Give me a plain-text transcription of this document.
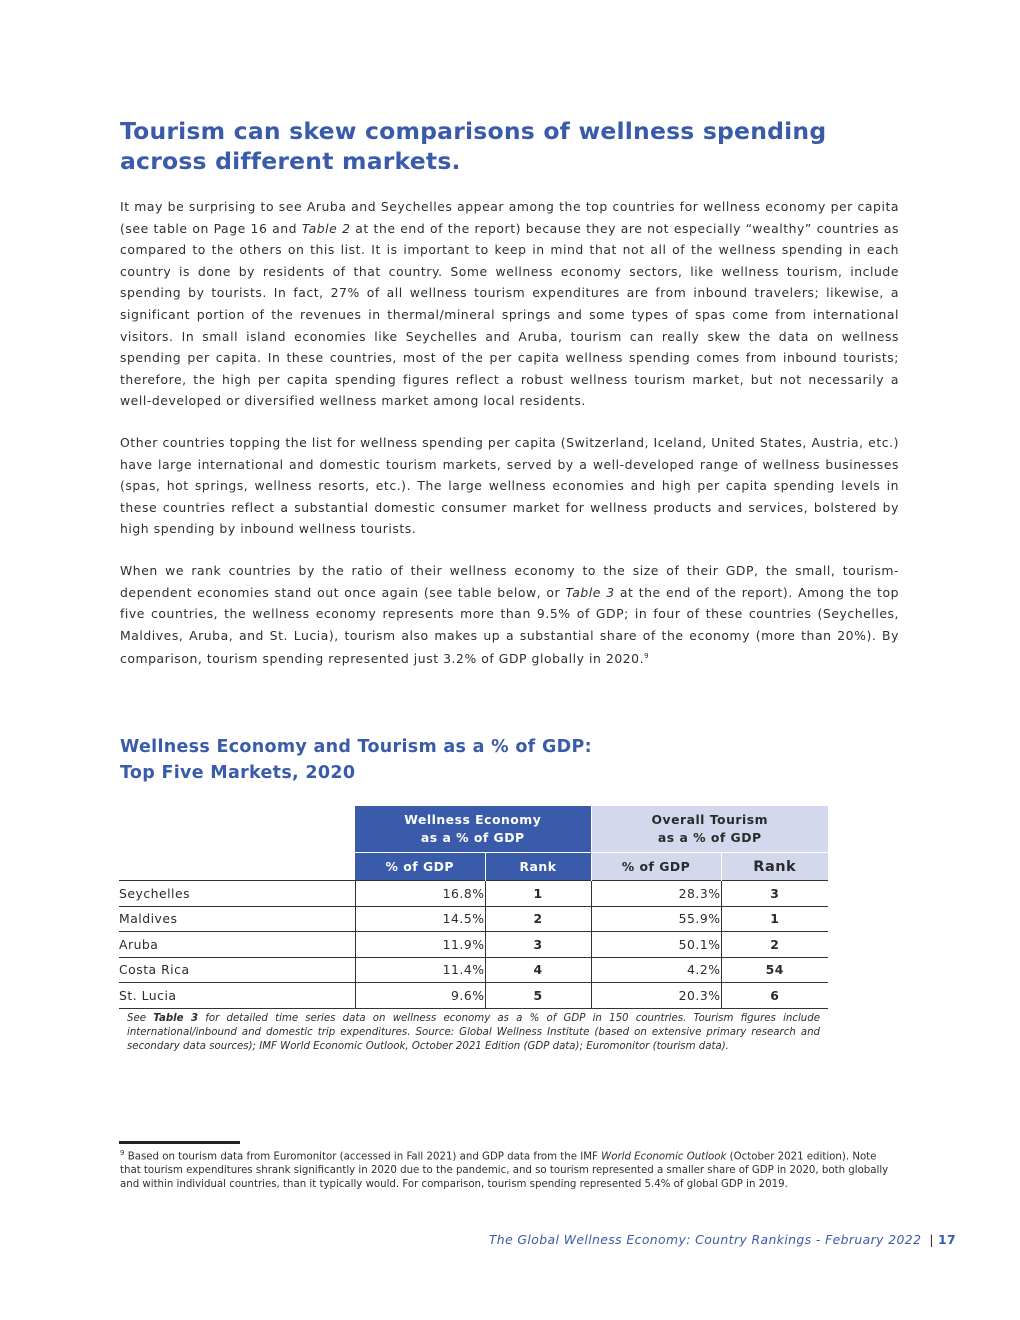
Tourism can skew comparisons of wellness spending
across different markets.

It may be surprising to see Aruba and Seychelles appear among the top countries for wellness economy per capita (see table on Page 16 and Table 2 at the end of the report) because they are not especially “wealthy” countries as compared to the others on this list. It is important to keep in mind that not all of the wellness spending in each country is done by residents of that country. Some wellness economy sectors, like wellness tourism, include spending by tourists. In fact, 27% of all wellness tourism expenditures are from inbound travelers; likewise, a significant portion of the revenues in thermal/mineral springs and some types of spas come from international visitors. In small island economies like Seychelles and Aruba, tourism can really skew the data on wellness spending per capita. In these countries, most of the per capita wellness spending comes from inbound tourists; therefore, the high per capita spending figures reflect a robust wellness tourism market, but not necessarily a well-developed or diversified wellness market among local residents.

Other countries topping the list for wellness spending per capita (Switzerland, Iceland, United States, Austria, etc.) have large international and domestic tourism markets, served by a well-developed range of wellness businesses (spas, hot springs, wellness resorts, etc.). The large wellness economies and high per capita spending levels in these countries reflect a substantial domestic consumer market for wellness products and services, bolstered by high spending by inbound wellness tourists.

When we rank countries by the ratio of their wellness economy to the size of their GDP, the small, tourism-dependent economies stand out once again (see table below, or Table 3 at the end of the report). Among the top five countries, the wellness economy represents more than 9.5% of GDP; in four of these countries (Seychelles, Maldives, Aruba, and St. Lucia), tourism also makes up a substantial share of the economy (more than 20%). By comparison, tourism spending represented just 3.2% of GDP globally in 2020.$^9$

Wellness Economy and Tourism as a % of GDP:
Top Five Markets, 2020
	Wellness Economy
as a % of GDP		Overall Tourism
as a % of GDP	
	% of GDP	Rank	% of GDP	Rank
Seychelles	16.8%	1	28.3%	3
Maldives	14.5%	2	55.9%	1
Aruba	11.9%	3	50.1%	2
Costa Rica	11.4%	4	4.2%	54
St. Lucia	9.6%	5	20.3%	6

See Table 3 for detailed time series data on wellness economy as a % of GDP in 150 countries. Tourism figures include international/inbound and domestic trip expenditures. Source: Global Wellness Institute (based on extensive primary research and secondary data sources); IMF World Economic Outlook, October 2021 Edition (GDP data); Euromonitor (tourism data).

$^9$ Based on tourism data from Euromonitor (accessed in Fall 2021) and GDP data from the IMF World Economic Outlook (October 2021 edition). Note that tourism expenditures shrank significantly in 2020 due to the pandemic, and so tourism represented a smaller share of GDP in 2020, both globally and within individual countries, than it typically would. For comparison, tourism spending represented 5.4% of global GDP in 2019.

The Global Wellness Economy: Country Rankings - February 2022 | 17
